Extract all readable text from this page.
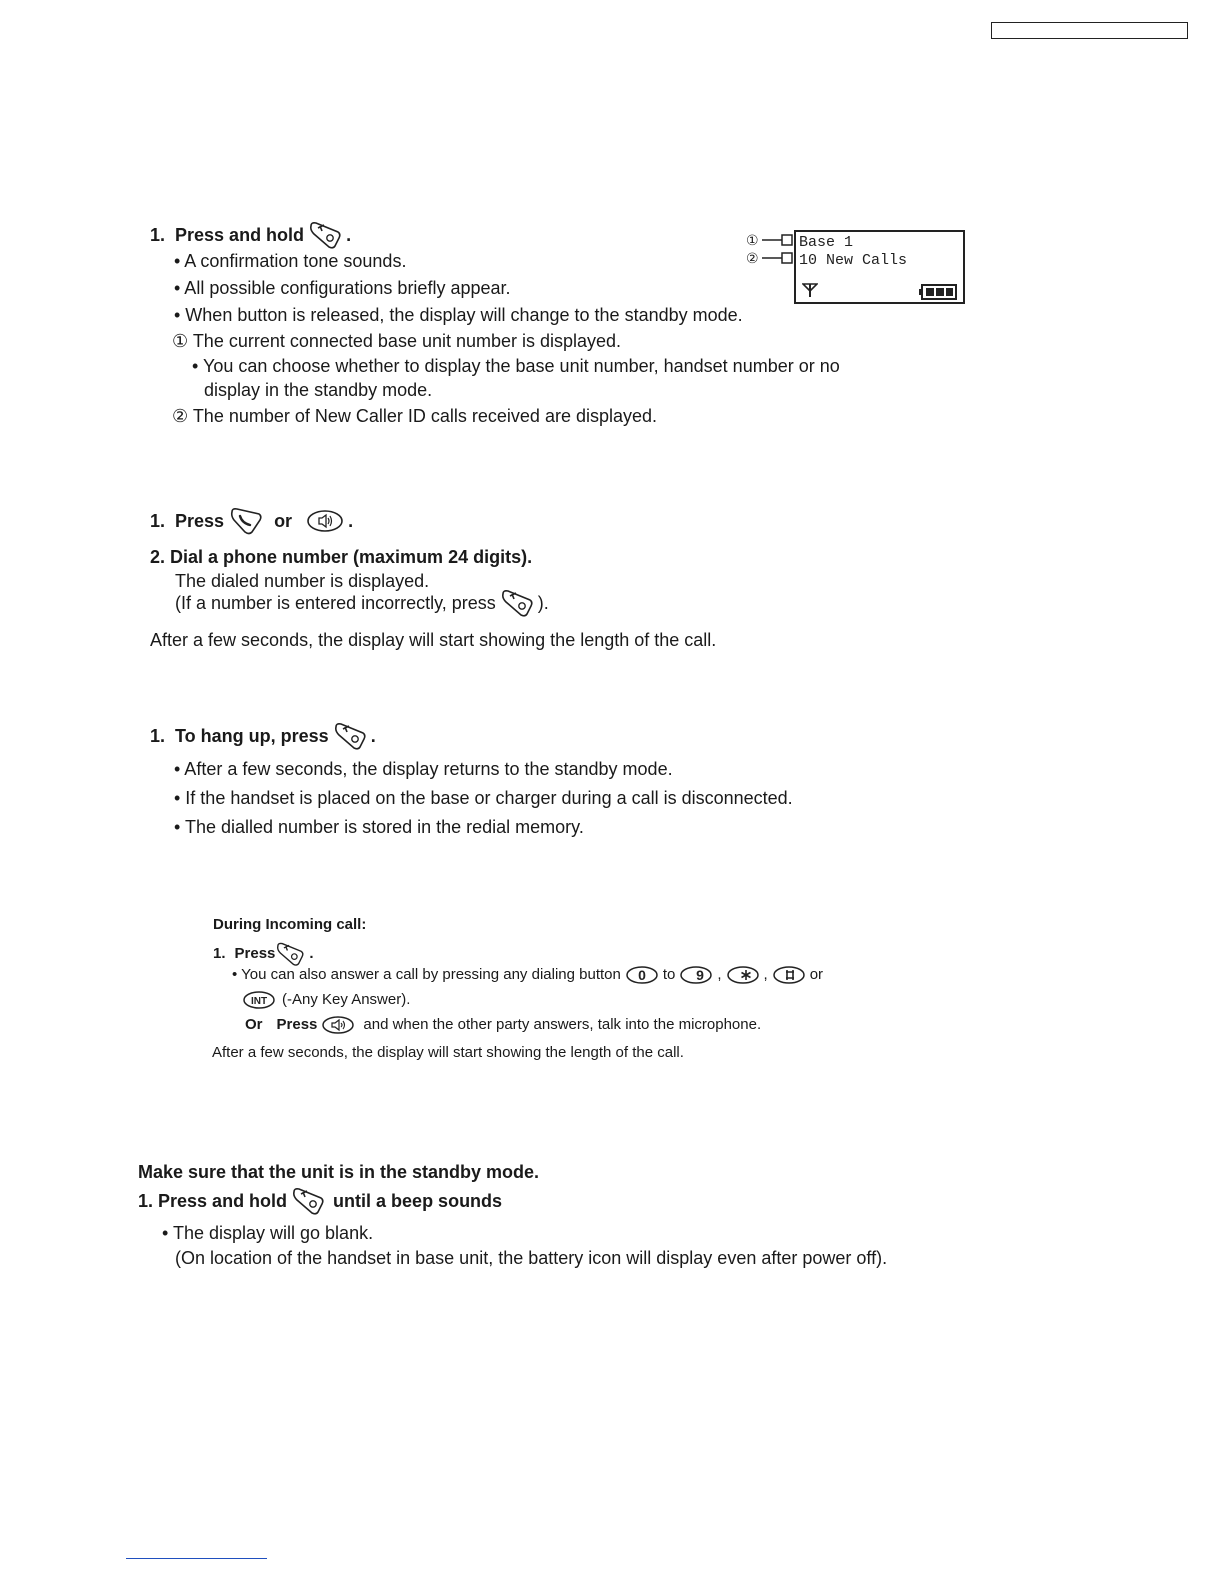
1. Press and hold .
• A confirmation tone sounds.
• All possible configurations briefly appear.
• When button is released, the display will change to the standby mode.
① The current connected base unit number is displayed.
• You can choose whether to display the base unit number, handset number or no
display in the standby mode.
② The number of New Caller ID calls received are displayed.
①
②
Base 1
10 New Calls
1. Press	or	.
2. Dial a phone number (maximum 24 digits).
The dialed number is displayed.
(If a number is entered incorrectly, press ).
After a few seconds, the display will start showing the length of the call.
1. To hang up, press .
• After a few seconds, the display returns to the standby mode.
• If the handset is placed on the base or charger during a call is disconnected.
• The dialled number is stored in the redial memory.
During Incoming call:
1. Press .
• You can also answer a call by pressing any dialing button 0 to 9 ,	,	or
INT (-Any Key Answer).
Or Press	and when the other party answers, talk into the microphone.
After a few seconds, the display will start showing the length of the call.
Make sure that the unit is in the standby mode.
1. Press and hold	until a beep sounds
• The display will go blank.
(On location of the handset in base unit, the battery icon will display even after power off).
